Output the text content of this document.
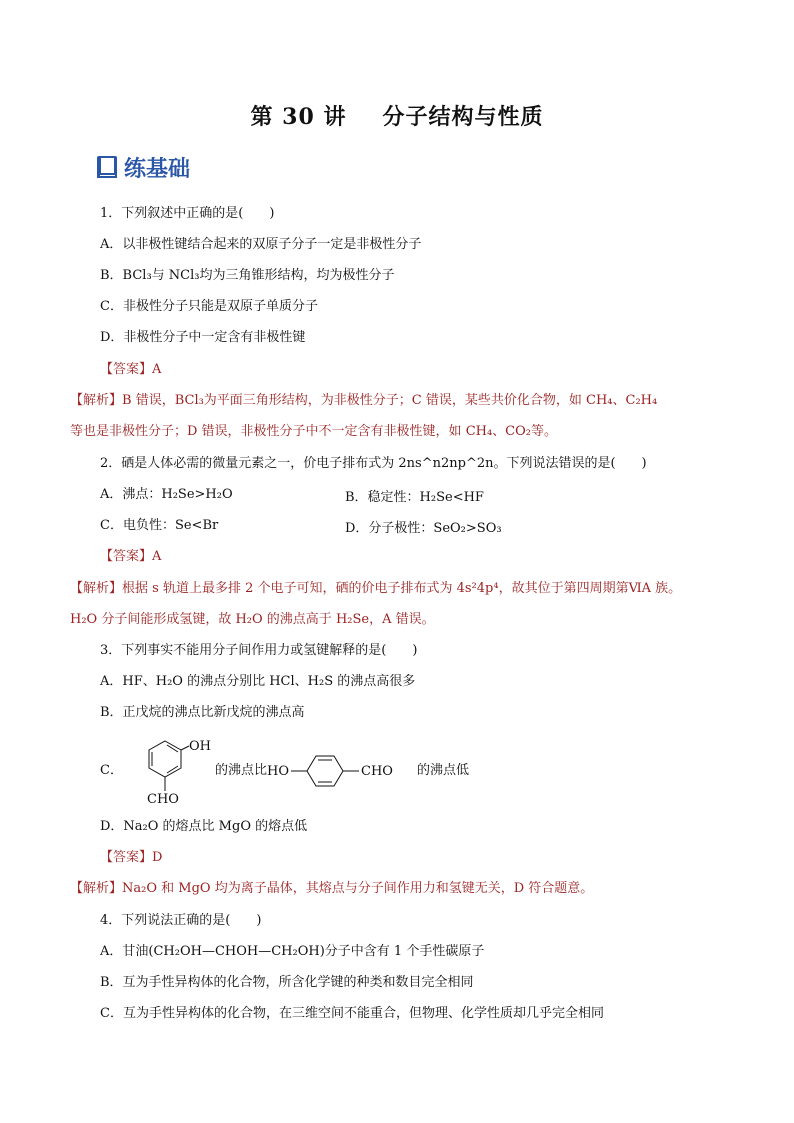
第 30 讲 分子结构与性质
练基础
1．下列叙述中正确的是(　　)
A．以非极性键结合起来的双原子分子一定是非极性分子
B．BCl₃与 NCl₃均为三角锥形结构，均为极性分子
C．非极性分子只能是双原子单质分子
D．非极性分子中一定含有非极性键
【答案】A
【解析】B 错误，BCl₃为平面三角形结构，为非极性分子；C 错误，某些共价化合物，如 CH₄、C₂H₄
等也是非极性分子；D 错误，非极性分子中不一定含有非极性键，如 CH₄、CO₂等。
2．硒是人体必需的微量元素之一，价电子排布式为 2ns^n2np^2n。下列说法错误的是(　　)
A．沸点：H₂Se>H₂O	B．稳定性：H₂Se<HF
C．电负性：Se<Br	D．分子极性：SeO₂>SO₃
【答案】A
【解析】根据 s 轨道上最多排 2 个电子可知，硒的价电子排布式为 4s²4p⁴，故其位于第四周期第ⅥA 族。
H₂O 分子间能形成氢键，故 H₂O 的沸点高于 H₂Se，A 错误。
3．下列事实不能用分子间作用力或氢键解释的是(　　)
A．HF、H₂O 的沸点分别比 HCl、H₂S 的沸点高很多
B．正戊烷的沸点比新戊烷的沸点高
C．
OH
CHO
的沸点比 HO	CHO 的沸点低
D．Na₂O 的熔点比 MgO 的熔点低
【答案】D
【解析】Na₂O 和 MgO 均为离子晶体，其熔点与分子间作用力和氢键无关，D 符合题意。
4．下列说法正确的是(　　)
A．甘油(CH₂OH—CHOH—CH₂OH)分子中含有 1 个手性碳原子
B．互为手性异构体的化合物，所含化学键的种类和数目完全相同
C．互为手性异构体的化合物，在三维空间不能重合，但物理、化学性质却几乎完全相同
